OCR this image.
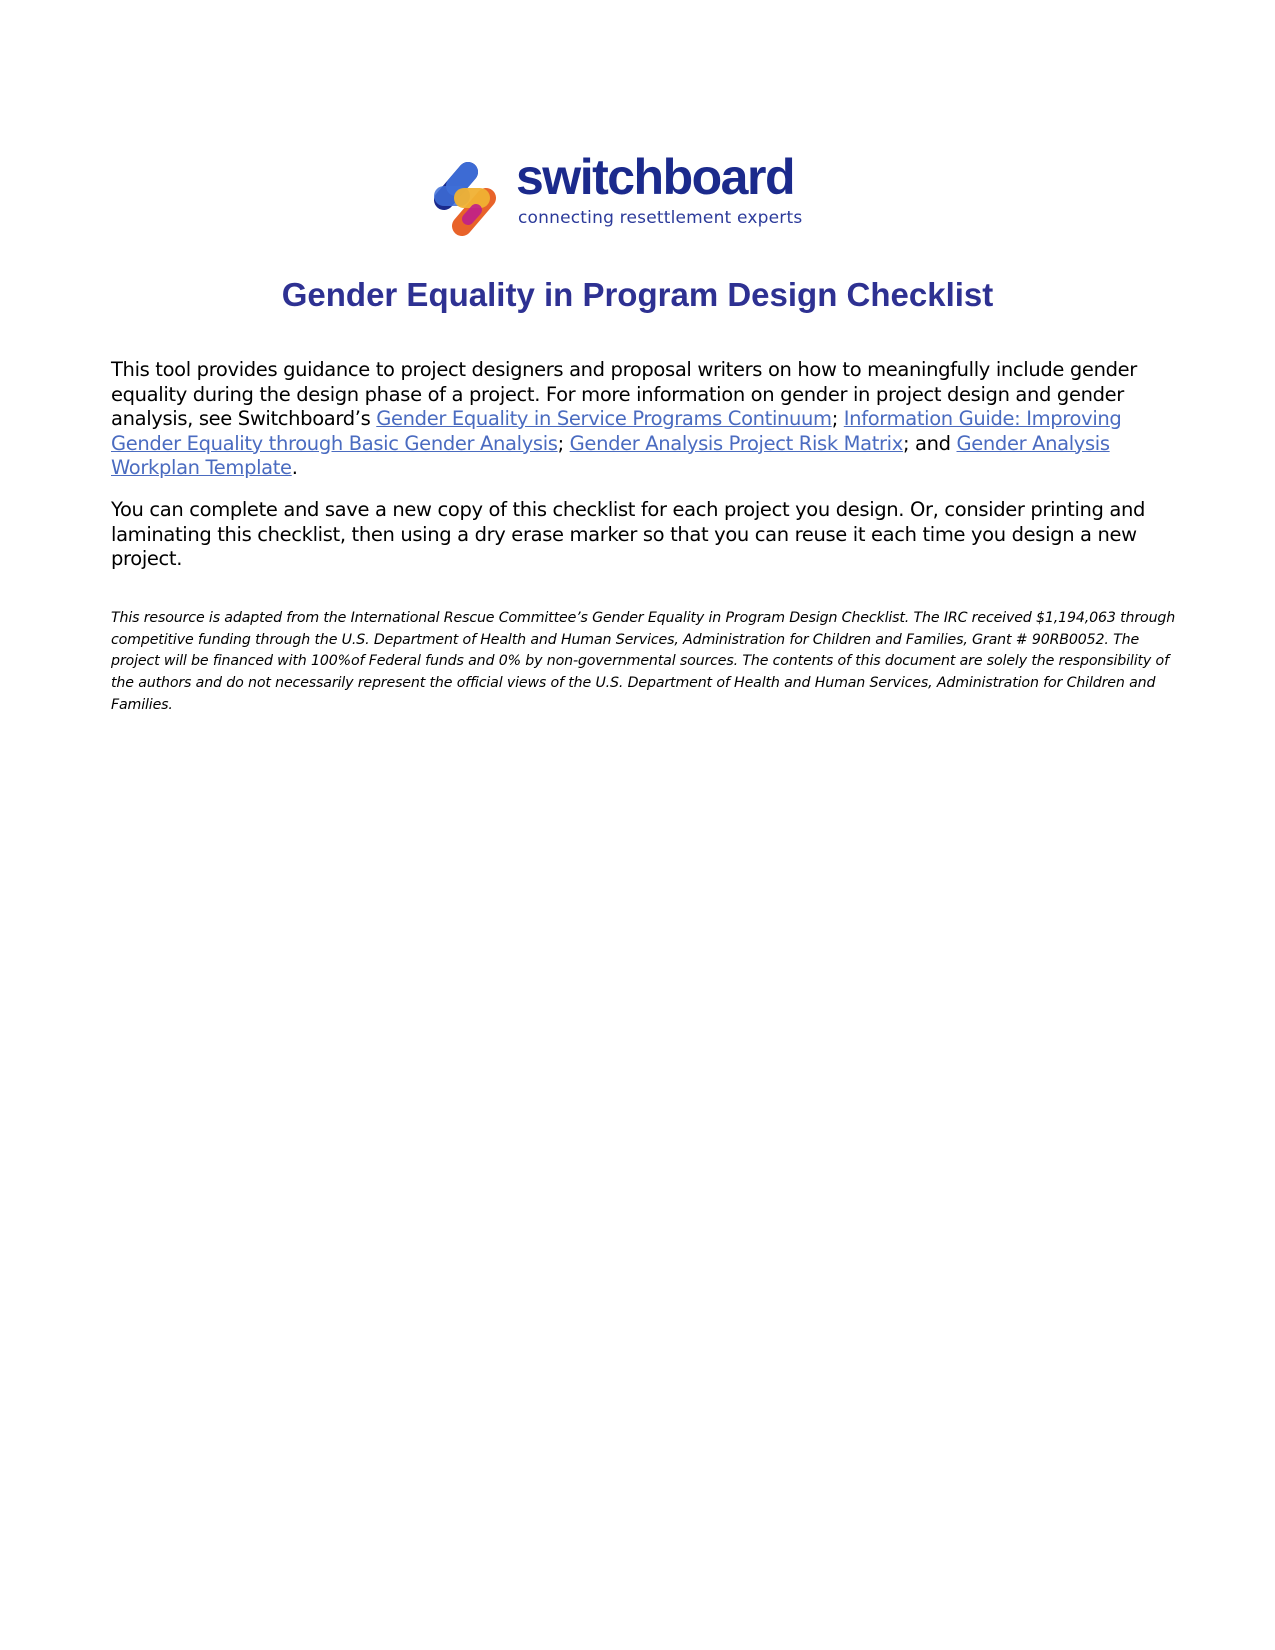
switchboard
connecting resettlement experts
Gender Equality in Program Design Checklist

This tool provides guidance to project designers and proposal writers on how to meaningfully include gender equality during the design phase of a project. For more information on gender in project design and gender analysis, see Switchboard’s Gender Equality in Service Programs Continuum; Information Guide: Improving Gender Equality through Basic Gender Analysis; Gender Analysis Project Risk Matrix; and Gender Analysis Workplan Template.

You can complete and save a new copy of this checklist for each project you design. Or, consider printing and laminating this checklist, then using a dry erase marker so that you can reuse it each time you design a new project.

This resource is adapted from the International Rescue Committee’s Gender Equality in Program Design Checklist. The IRC received $1,194,063 through competitive funding through the U.S. Department of Health and Human Services, Administration for Children and Families, Grant # 90RB0052. The project will be financed with 100%of Federal funds and 0% by non-governmental sources. The contents of this document are solely the responsibility of the authors and do not necessarily represent the official views of the U.S. Department of Health and Human Services, Administration for Children and Families.
